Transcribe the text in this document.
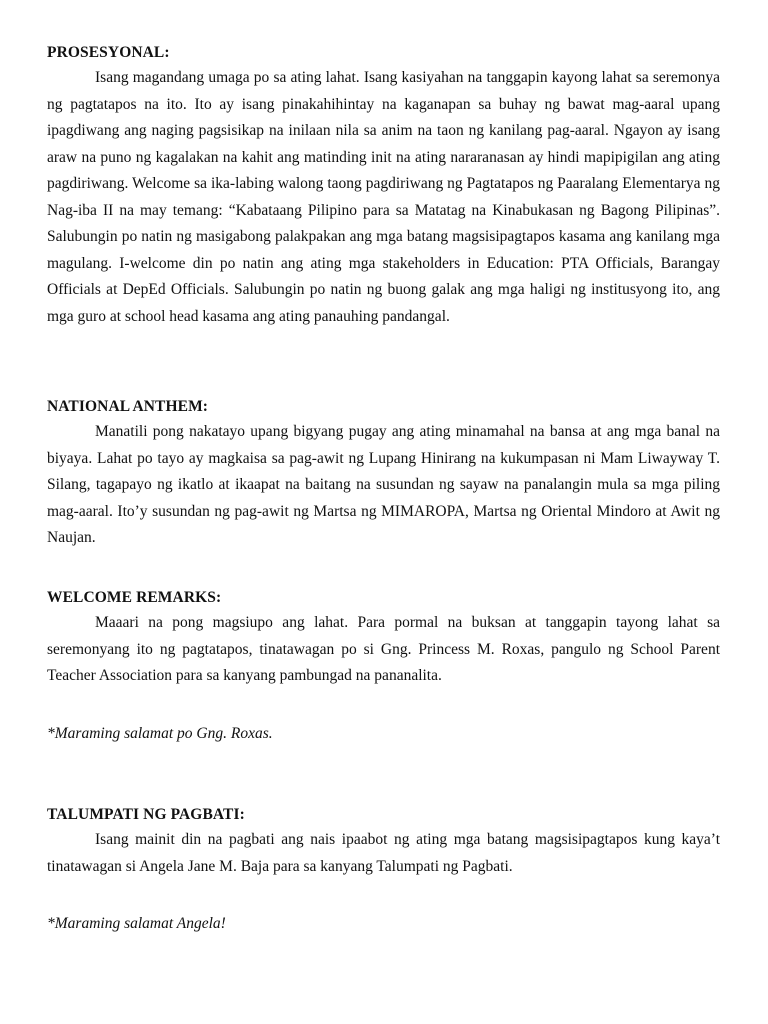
PROSESYONAL:

Isang magandang umaga po sa ating lahat. Isang kasiyahan na tanggapin kayong lahat sa seremonya ng pagtatapos na ito. Ito ay isang pinakahihintay na kaganapan sa buhay ng bawat mag-aaral upang ipagdiwang ang naging pagsisikap na inilaan nila sa anim na taon ng kanilang pag-aaral. Ngayon ay isang araw na puno ng kagalakan na kahit ang matinding init na ating nararanasan ay hindi mapipigilan ang ating pagdiriwang. Welcome sa ika-labing walong taong pagdiriwang ng Pagtatapos ng Paaralang Elementarya ng Nag-iba II na may temang: “Kabataang Pilipino para sa Matatag na Kinabukasan ng Bagong Pilipinas”. Salubungin po natin ng masigabong palakpakan ang mga batang magsisipagtapos kasama ang kanilang mga magulang. I-welcome din po natin ang ating mga stakeholders in Education: PTA Officials, Barangay Officials at DepEd Officials. Salubungin po natin ng buong galak ang mga haligi ng institusyong ito, ang mga guro at school head kasama ang ating panauhing pandangal.

NATIONAL ANTHEM:

Manatili pong nakatayo upang bigyang pugay ang ating minamahal na bansa at ang mga banal na biyaya. Lahat po tayo ay magkaisa sa pag-awit ng Lupang Hinirang na kukumpasan ni Mam Liwayway T. Silang, tagapayo ng ikatlo at ikaapat na baitang na susundan ng sayaw na panalangin mula sa mga piling mag-aaral. Ito’y susundan ng pag-awit ng Martsa ng MIMAROPA, Martsa ng Oriental Mindoro at Awit ng Naujan.

WELCOME REMARKS:

Maaari na pong magsiupo ang lahat. Para pormal na buksan at tanggapin tayong lahat sa seremonyang ito ng pagtatapos, tinatawagan po si Gng. Princess M. Roxas, pangulo ng School Parent Teacher Association para sa kanyang pambungad na pananalita.

*Maraming salamat po Gng. Roxas.

TALUMPATI NG PAGBATI:

Isang mainit din na pagbati ang nais ipaabot ng ating mga batang magsisipagtapos kung kaya’t tinatawagan si Angela Jane M. Baja para sa kanyang Talumpati ng Pagbati.

*Maraming salamat Angela!
